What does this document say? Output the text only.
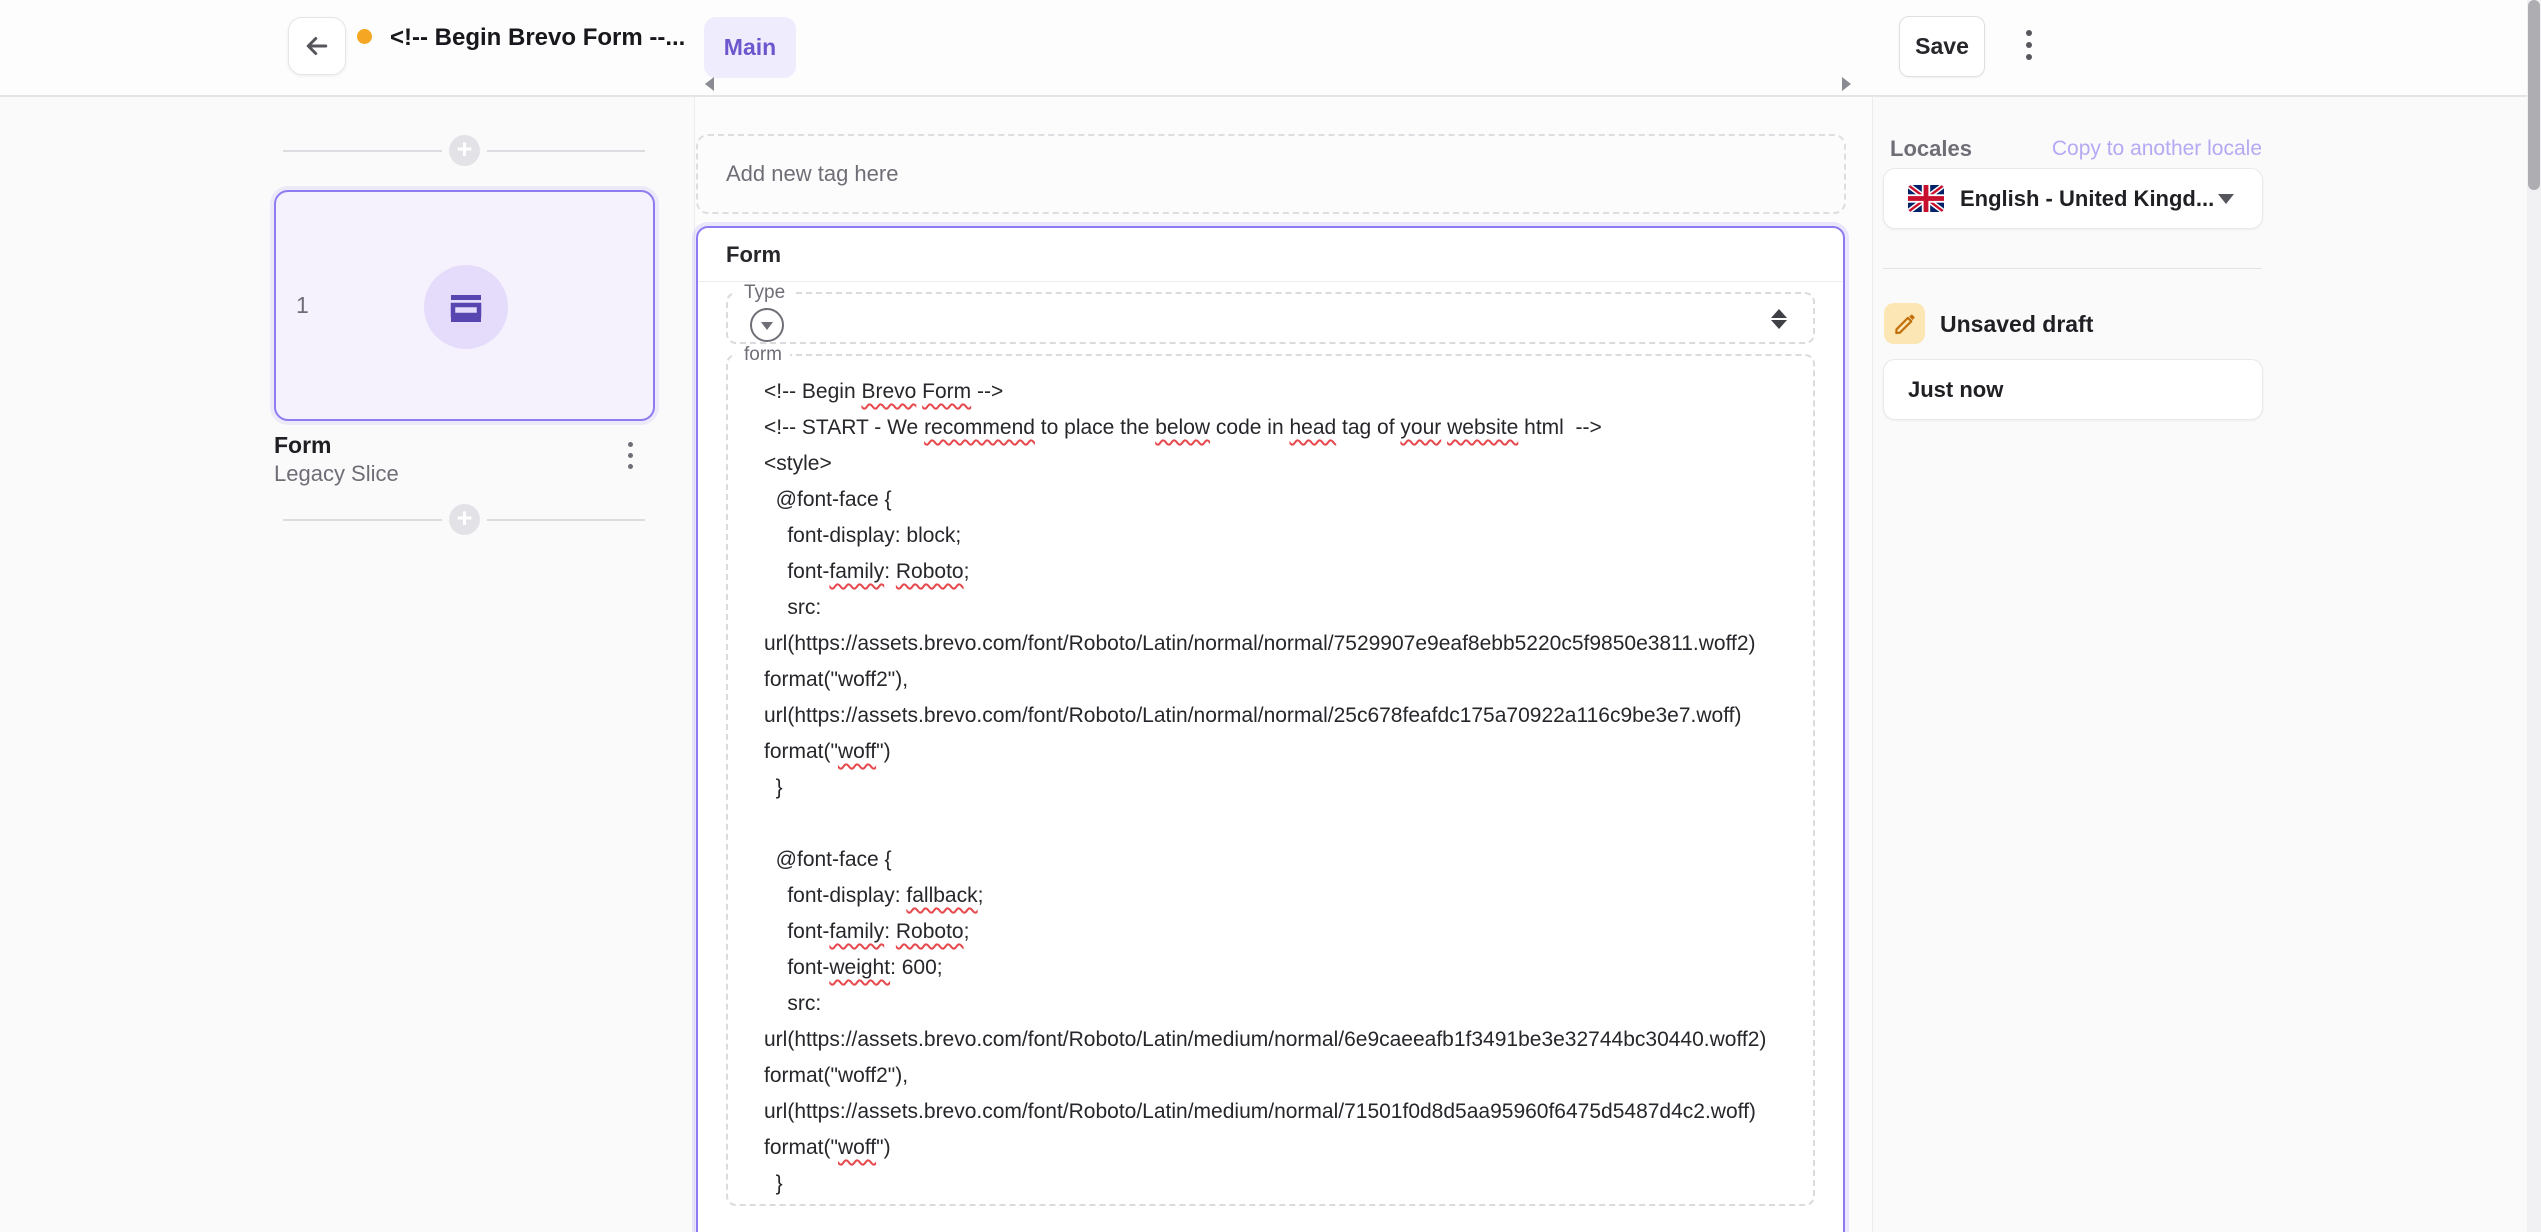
<!-- Begin Brevo Form --... Main	Save
+
1
Form
Legacy Slice
+
Add new tag here
Form
Type
form
<!-- Begin Brevo Form -->
<!-- START - We recommend to place the below code in head tag of your website html  -->
<style>
@font-face {
font-display: block;
font-family: Roboto;
src:
url(https://assets.brevo.com/font/Roboto/Latin/normal/normal/7529907e9eaf8ebb5220c5f9850e3811.woff2)
format("woff2"),
url(https://assets.brevo.com/font/Roboto/Latin/normal/normal/25c678feafdc175a70922a116c9be3e7.woff)
format("woff")
}

@font-face {
font-display: fallback;
font-family: Roboto;
font-weight: 600;
src:
url(https://assets.brevo.com/font/Roboto/Latin/medium/normal/6e9caeeafb1f3491be3e32744bc30440.woff2)
format("woff2"),
url(https://assets.brevo.com/font/Roboto/Latin/medium/normal/71501f0d8d5aa95960f6475d5487d4c2.woff)
format("woff")
}
Locales	Copy to another locale
English - United Kingd...
Unsaved draft
Just now
